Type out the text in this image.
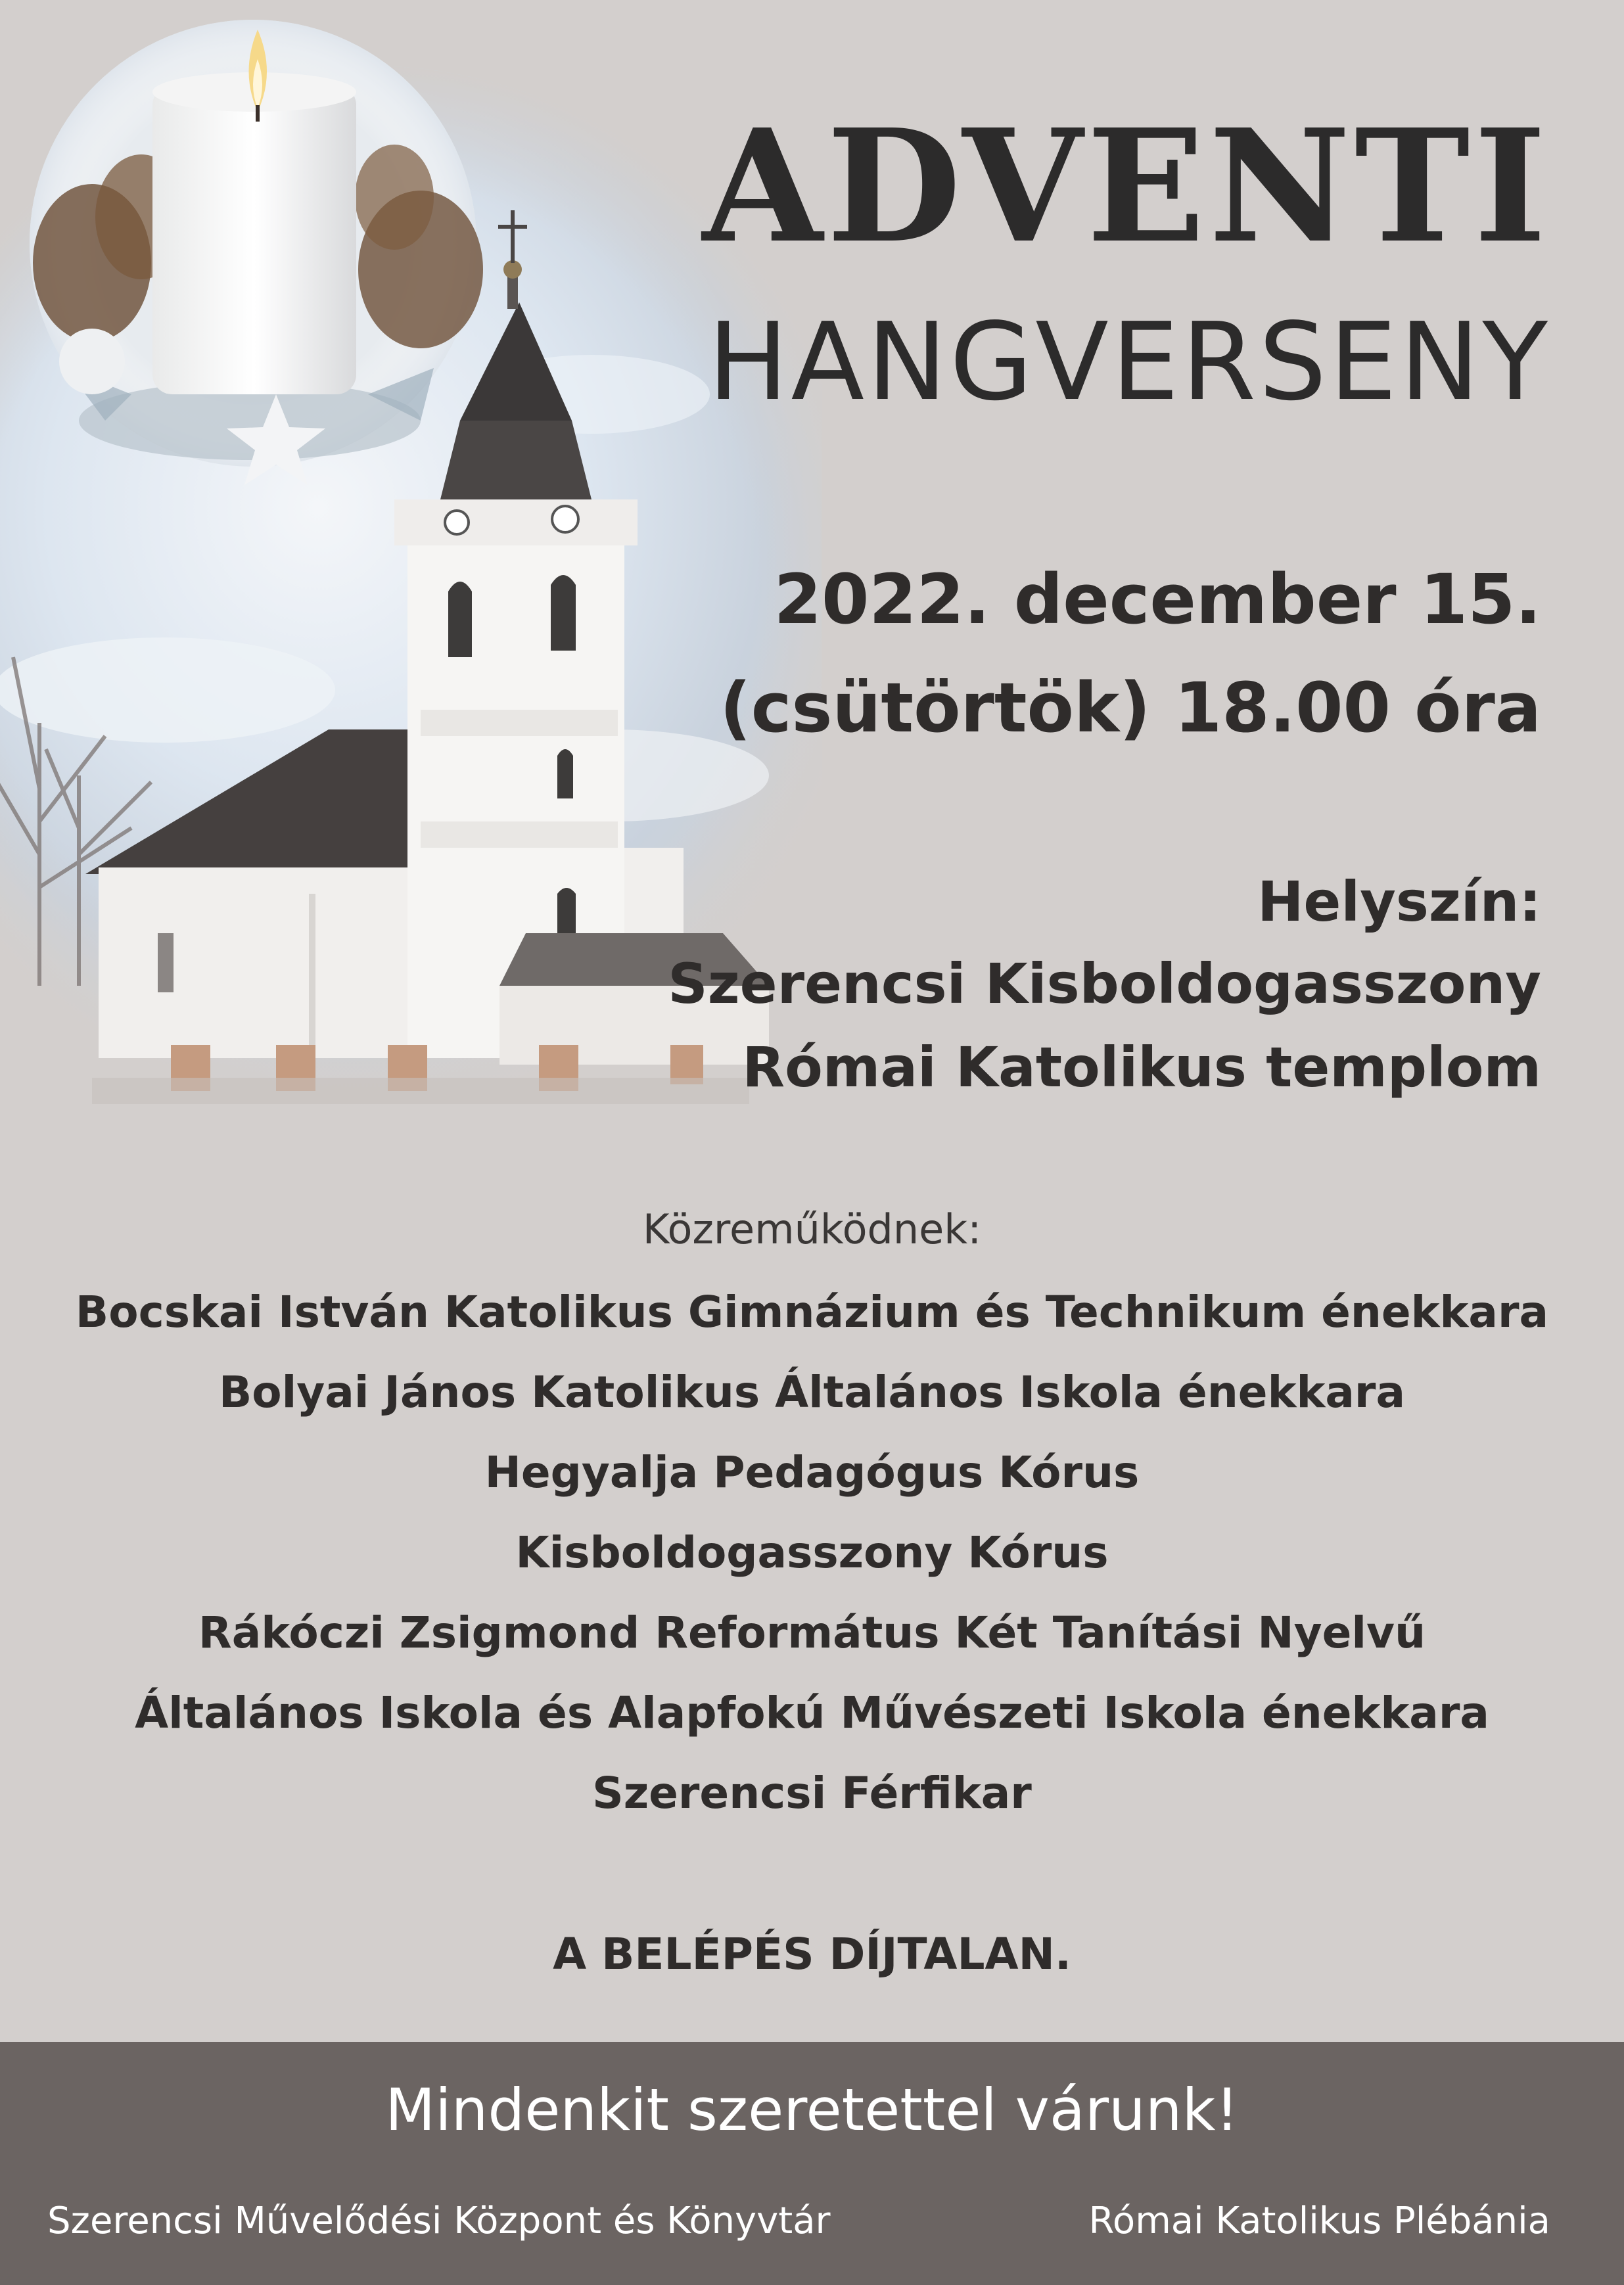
ADVENTI
HANGVERSENY
2022. december 15.
(csütörtök) 18.00 óra
Helyszín:
Szerencsi Kisboldogasszony
Római Katolikus templom
Közreműködnek:
Bocskai István Katolikus Gimnázium és Technikum énekkara
Bolyai János Katolikus Általános Iskola énekkara
Hegyalja Pedagógus Kórus
Kisboldogasszony Kórus
Rákóczi Zsigmond Református Két Tanítási Nyelvű
Általános Iskola és Alapfokú Művészeti Iskola énekkara
Szerencsi Férfikar
A BELÉPÉS DÍJTALAN.
Mindenkit szeretettel várunk!
Szerencsi Művelődési Központ és Könyvtár	Római Katolikus Plébánia
